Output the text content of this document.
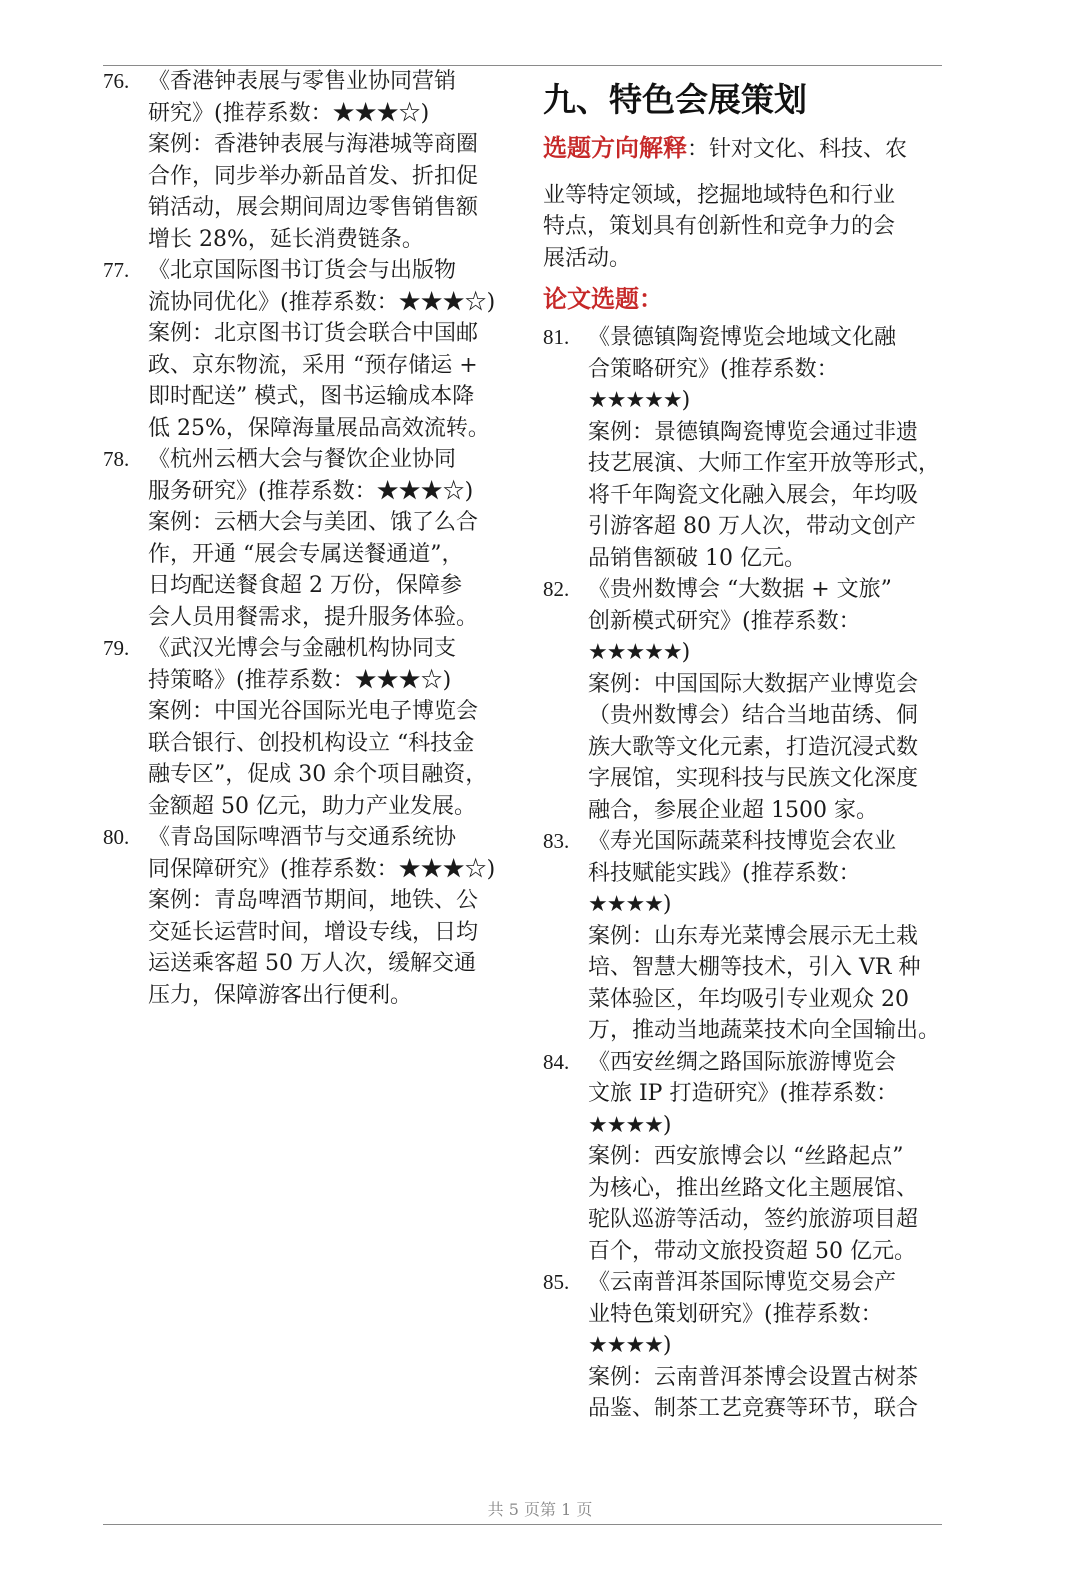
76. 《香港钟表展与零售业协同营销
研究》(推荐系数：★★★☆)
案例：香港钟表展与海港城等商圈
合作，同步举办新品首发、折扣促
销活动，展会期间周边零售销售额
增长 28%，延长消费链条。
77. 《北京国际图书订货会与出版物
流协同优化》(推荐系数：★★★☆)
案例：北京图书订货会联合中国邮
政、京东物流，采用 “预存储运 +
即时配送” 模式，图书运输成本降
低 25%，保障海量展品高效流转。
78. 《杭州云栖大会与餐饮企业协同
服务研究》(推荐系数：★★★☆)
案例：云栖大会与美团、饿了么合
作，开通 “展会专属送餐通道”，
日均配送餐食超 2 万份，保障参
会人员用餐需求，提升服务体验。
79. 《武汉光博会与金融机构协同支
持策略》(推荐系数：★★★☆)
案例：中国光谷国际光电子博览会
联合银行、创投机构设立 “科技金
融专区”，促成 30 余个项目融资，
金额超 50 亿元，助力产业发展。
80. 《青岛国际啤酒节与交通系统协
同保障研究》(推荐系数：★★★☆)
案例：青岛啤酒节期间，地铁、公
交延长运营时间，增设专线，日均
运送乘客超 50 万人次，缓解交通
压力，保障游客出行便利。
九、特色会展策划
选题方向解释：针对文化、科技、农
业等特定领域，挖掘地域特色和行业
特点，策划具有创新性和竞争力的会
展活动。
论文选题：
81. 《景德镇陶瓷博览会地域文化融
合策略研究》(推荐系数：
★★★★★)
案例：景德镇陶瓷博览会通过非遗
技艺展演、大师工作室开放等形式，
将千年陶瓷文化融入展会，年均吸
引游客超 80 万人次，带动文创产
品销售额破 10 亿元。
82. 《贵州数博会 “大数据 + 文旅”
创新模式研究》(推荐系数：
★★★★★)
案例：中国国际大数据产业博览会
（贵州数博会）结合当地苗绣、侗
族大歌等文化元素，打造沉浸式数
字展馆，实现科技与民族文化深度
融合，参展企业超 1500 家。
83. 《寿光国际蔬菜科技博览会农业
科技赋能实践》(推荐系数：
★★★★)
案例：山东寿光菜博会展示无土栽
培、智慧大棚等技术，引入 VR 种
菜体验区，年均吸引专业观众 20
万，推动当地蔬菜技术向全国输出。
84. 《西安丝绸之路国际旅游博览会
文旅 IP 打造研究》(推荐系数：
★★★★)
案例：西安旅博会以 “丝路起点”
为核心，推出丝路文化主题展馆、
驼队巡游等活动，签约旅游项目超
百个，带动文旅投资超 50 亿元。
85. 《云南普洱茶国际博览交易会产
业特色策划研究》(推荐系数：
★★★★)
案例：云南普洱茶博会设置古树茶
品鉴、制茶工艺竞赛等环节，联合
共 5 页第 1 页
